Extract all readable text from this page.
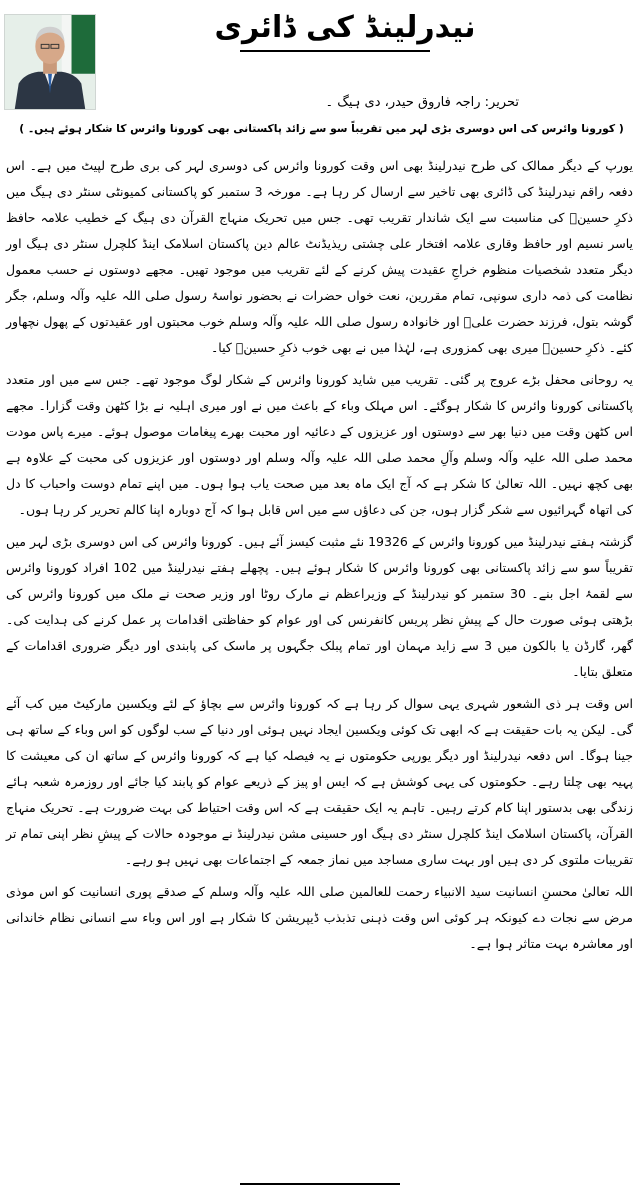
نیدرلینڈ کی ڈائری
تحریر: راجہ فاروق حیدر، دی ہیگ ۔
( کورونا وائرس کی اس دوسری بڑی لہر میں تقریباً سو سے زائد پاکستانی بھی کورونا وائرس کا شکار ہوئے ہیں۔ )

یورپ کے دیگر ممالک کی طرح نیدرلینڈ بھی اس وقت کورونا وائرس کی دوسری لہر کی بری طرح لپیٹ میں ہے۔ اس دفعہ راقم نیدرلینڈ کی ڈائری بھی تاخیر سے ارسال کر رہا ہے۔ مورخہ 3 ستمبر کو پاکستانی کمیونٹی سنٹر دی ہیگ میں ذکرِ حسینؑ کی مناسبت سے ایک شاندار تقریب تھی۔ جس میں تحریک منہاج القرآن دی ہیگ کے خطیب علامہ حافظ یاسر نسیم اور حافظ وقاری علامہ افتخار علی چشتی ریذیڈنٹ عالم دین پاکستان اسلامک اینڈ کلچرل سنٹر دی ہیگ اور دیگر متعدد شخصیات منظوم خراجِ عقیدت پیش کرنے کے لئے تقریب میں موجود تھیں۔ مجھے دوستوں نے حسب معمول نظامت کی ذمہ داری سونپی، تمام مقررین، نعت خواں حضرات نے بحضور نواسۂ رسول صلی اللہ علیہ وآلہ وسلم، جگر گوشہ بتول، فرزند حضرت علیؑ اور خانوادہ رسول صلی اللہ علیہ وآلہ وسلم خوب محبتوں اور عقیدتوں کے پھول نچھاور کئے۔ ذکرِ حسینؑ میری بھی کمزوری ہے، لہٰذا میں نے بھی خوب ذکرِ حسینؑ کیا۔

یہ روحانی محفل بڑے عروج پر گئی۔ تقریب میں شاید کورونا وائرس کے شکار لوگ موجود تھے۔ جس سے میں اور متعدد پاکستانی کورونا وائرس کا شکار ہوگئے۔ اس مہلک وباء کے باعث میں نے اور میری اہلیہ نے بڑا کٹھن وقت گزارا۔ مجھے اس کٹھن وقت میں دنیا بھر سے دوستوں اور عزیزوں کے دعائیہ اور محبت بھرے پیغامات موصول ہوئے۔ میرے پاس مودت محمد صلی اللہ علیہ وآلہ وسلم وآلِ محمد صلی اللہ علیہ وآلہ وسلم اور دوستوں اور عزیزوں کی محبت کے علاوہ ہے بھی کچھ نہیں۔ اللہ تعالیٰ کا شکر ہے کہ آج ایک ماہ بعد میں صحت یاب ہوا ہوں۔ میں اپنے تمام دوست واحباب کا دل کی اتھاہ گہرائیوں سے شکر گزار ہوں، جن کی دعاؤں سے میں اس قابل ہوا کہ آج دوبارہ اپنا کالم تحریر کر رہا ہوں۔

گزشتہ ہفتے نیدرلینڈ میں کورونا وائرس کے 19326 نئے مثبت کیسز آئے ہیں۔ کورونا وائرس کی اس دوسری بڑی لہر میں تقریباً سو سے زائد پاکستانی بھی کورونا وائرس کا شکار ہوئے ہیں۔ پچھلے ہفتے نیدرلینڈ میں 102 افراد کورونا وائرس سے لقمۂ اجل بنے۔ 30 ستمبر کو نیدرلینڈ کے وزیراعظم نے مارک روٹا اور وزیر صحت نے ملک میں کورونا وائرس کی بڑھتی ہوئی صورت حال کے پیشِ نظر پریس کانفرنس کی اور عوام کو حفاظتی اقدامات پر عمل کرنے کی ہدایت کی۔ گھر، گارڈن یا بالکون میں 3 سے زاید مہمان اور تمام پبلک جگہوں پر ماسک کی پابندی اور دیگر ضروری اقدامات کے متعلق بتایا۔

اس وقت ہر ذی الشعور شہری یہی سوال کر رہا ہے کہ کورونا وائرس سے بچاؤ کے لئے ویکسین مارکیٹ میں کب آئے گی۔ لیکن یہ بات حقیقت ہے کہ ابھی تک کوئی ویکسین ایجاد نہیں ہوئی اور دنیا کے سب لوگوں کو اس وباء کے ساتھ ہی جینا ہوگا۔ اس دفعہ نیدرلینڈ اور دیگر یورپی حکومتوں نے یہ فیصلہ کیا ہے کہ کورونا وائرس کے ساتھ ان کی معیشت کا پہیہ بھی چلتا رہے۔ حکومتوں کی یہی کوشش ہے کہ ایس او پیز کے ذریعے عوام کو پابند کیا جائے اور روزمرہ شعبہ ہائے زندگی بھی بدستور اپنا کام کرتے رہیں۔ تاہم یہ ایک حقیقت ہے کہ اس وقت احتیاط کی بہت ضرورت ہے۔ تحریک منہاج القرآن، پاکستان اسلامک اینڈ کلچرل سنٹر دی ہیگ اور حسینی مشن نیدرلینڈ نے موجودہ حالات کے پیشِ نظر اپنی تمام تر تقریبات ملتوی کر دی ہیں اور بہت ساری مساجد میں نماز جمعہ کے اجتماعات بھی نہیں ہو رہے۔

اللہ تعالیٰ محسنِ انسانیت سید الانبیاء رحمت للعالمین صلی اللہ علیہ وآلہ وسلم کے صدقے پوری انسانیت کو اس موذی مرض سے نجات دے کیونکہ ہر کوئی اس وقت ذہنی تذبذب ڈیپریشن کا شکار ہے اور اس وباء سے انسانی نظام خاندانی اور معاشرہ بہت متاثر ہوا ہے۔
